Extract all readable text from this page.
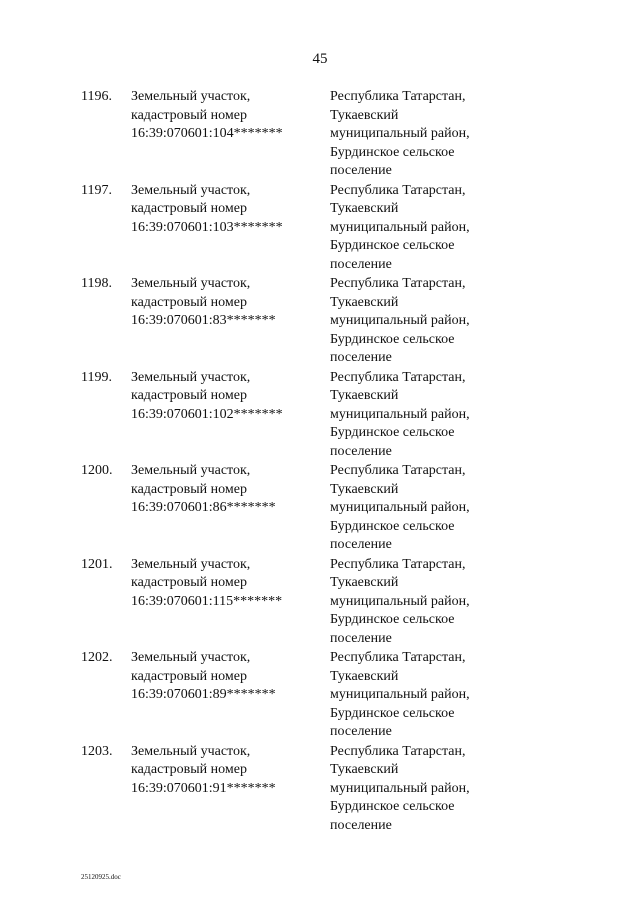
45
1196. Земельный участок,
кадастровый номер
16:39:070601:104*******
Республика Татарстан,
Тукаевский
муниципальный район,
Бурдинское сельское
поселение
1197. Земельный участок,
кадастровый номер
16:39:070601:103*******
Республика Татарстан,
Тукаевский
муниципальный район,
Бурдинское сельское
поселение
1198. Земельный участок,
кадастровый номер
16:39:070601:83*******
Республика Татарстан,
Тукаевский
муниципальный район,
Бурдинское сельское
поселение
1199. Земельный участок,
кадастровый номер
16:39:070601:102*******
Республика Татарстан,
Тукаевский
муниципальный район,
Бурдинское сельское
поселение
1200. Земельный участок,
кадастровый номер
16:39:070601:86*******
Республика Татарстан,
Тукаевский
муниципальный район,
Бурдинское сельское
поселение
1201. Земельный участок,
кадастровый номер
16:39:070601:115*******
Республика Татарстан,
Тукаевский
муниципальный район,
Бурдинское сельское
поселение
1202. Земельный участок,
кадастровый номер
16:39:070601:89*******
Республика Татарстан,
Тукаевский
муниципальный район,
Бурдинское сельское
поселение
1203. Земельный участок,
кадастровый номер
16:39:070601:91*******
Республика Татарстан,
Тукаевский
муниципальный район,
Бурдинское сельское
поселение
25120925.doc
